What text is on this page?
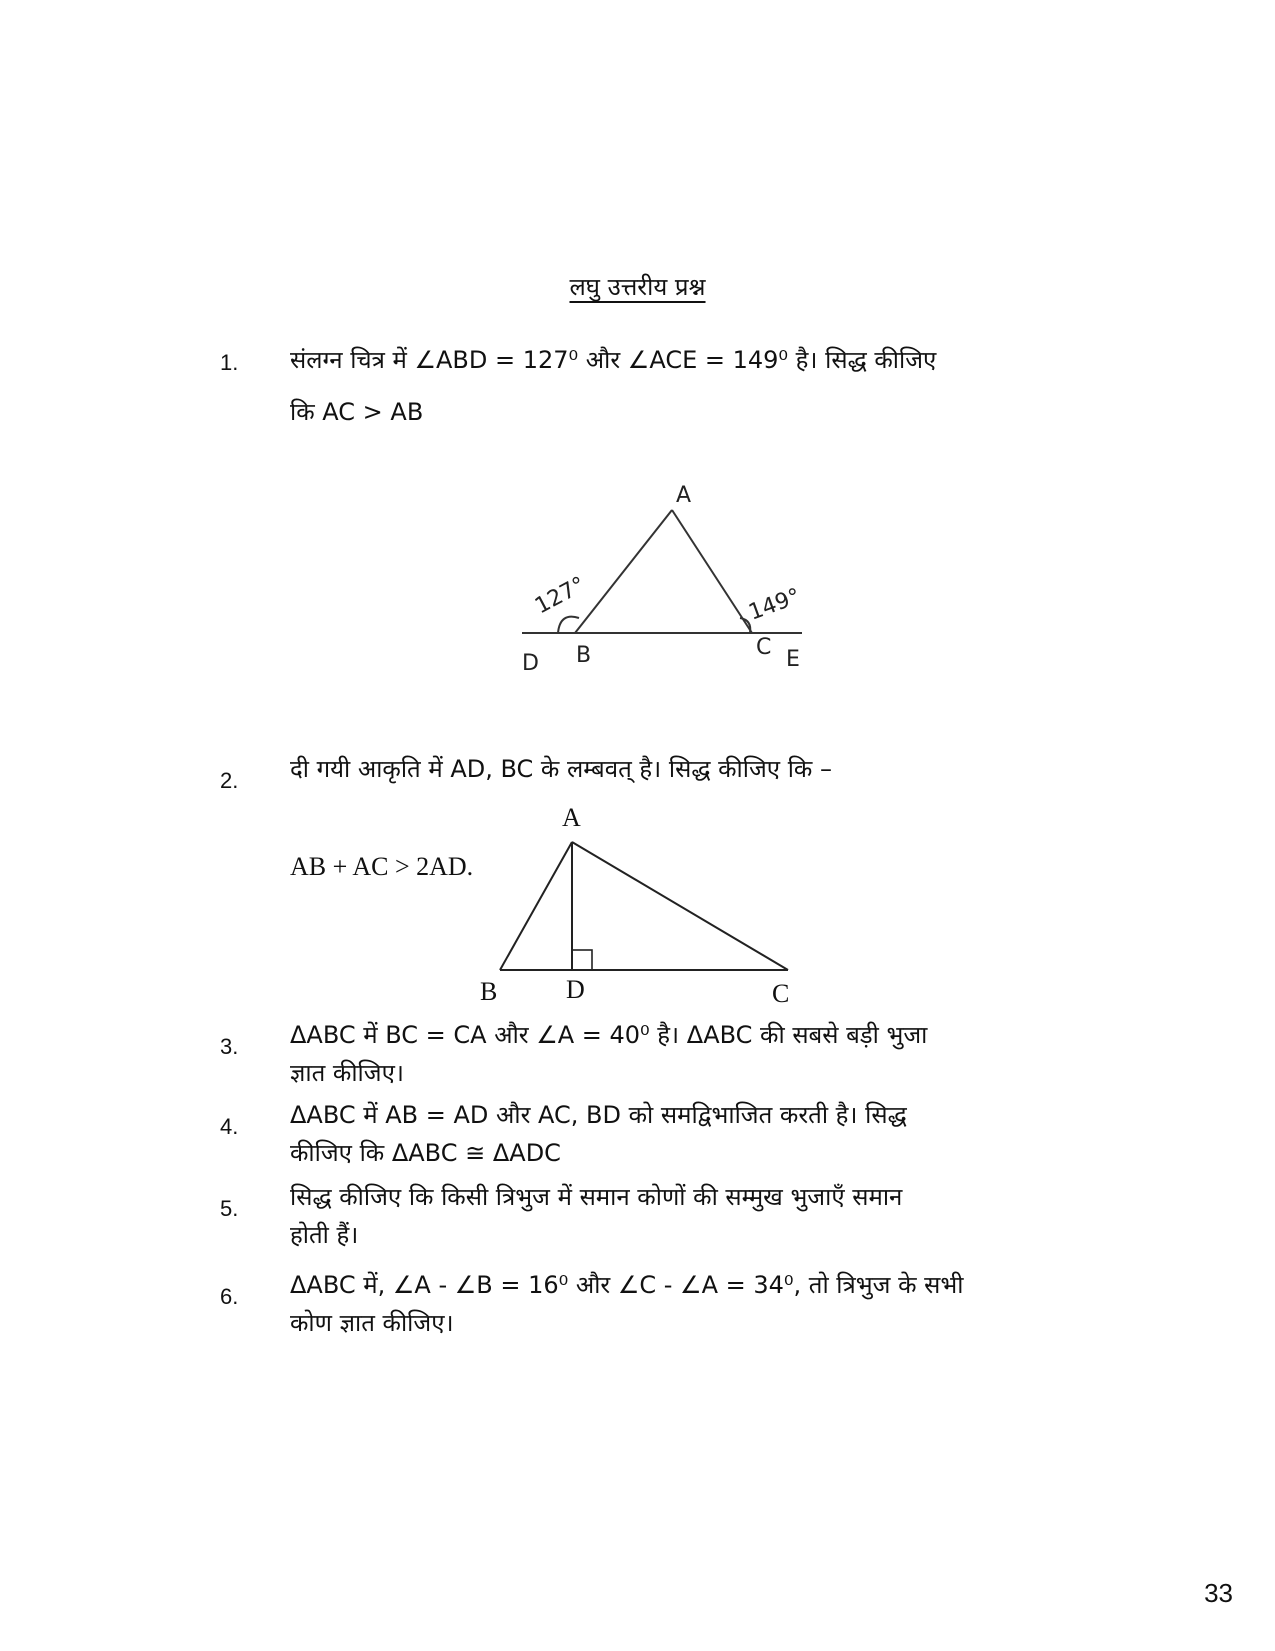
लघु उत्तरीय प्रश्न
1. संलग्न चित्र में ∠ABD = 127⁰ और ∠ACE = 149⁰ है। सिद्ध कीजिए
कि AC > AB
A
B	C
D	E
127°	149°
2. दी गयी आकृति में AD, BC के लम्बवत् है। सिद्ध कीजिए कि –
AB + AC > 2AD.
A
B	D	C
3. ΔABC में BC = CA और ∠A = 40⁰ है। ΔABC की सबसे बड़ी भुजा
ज्ञात कीजिए।
4. ΔABC में AB = AD और AC, BD को समद्विभाजित करती है। सिद्ध
कीजिए कि ΔABC ≅ ΔADC
5. सिद्ध कीजिए कि किसी त्रिभुज में समान कोणों की सम्मुख भुजाएँ समान
होती हैं।
6. ΔABC में, ∠A - ∠B = 16⁰ और ∠C - ∠A = 34⁰, तो त्रिभुज के सभी
कोण ज्ञात कीजिए।
33
